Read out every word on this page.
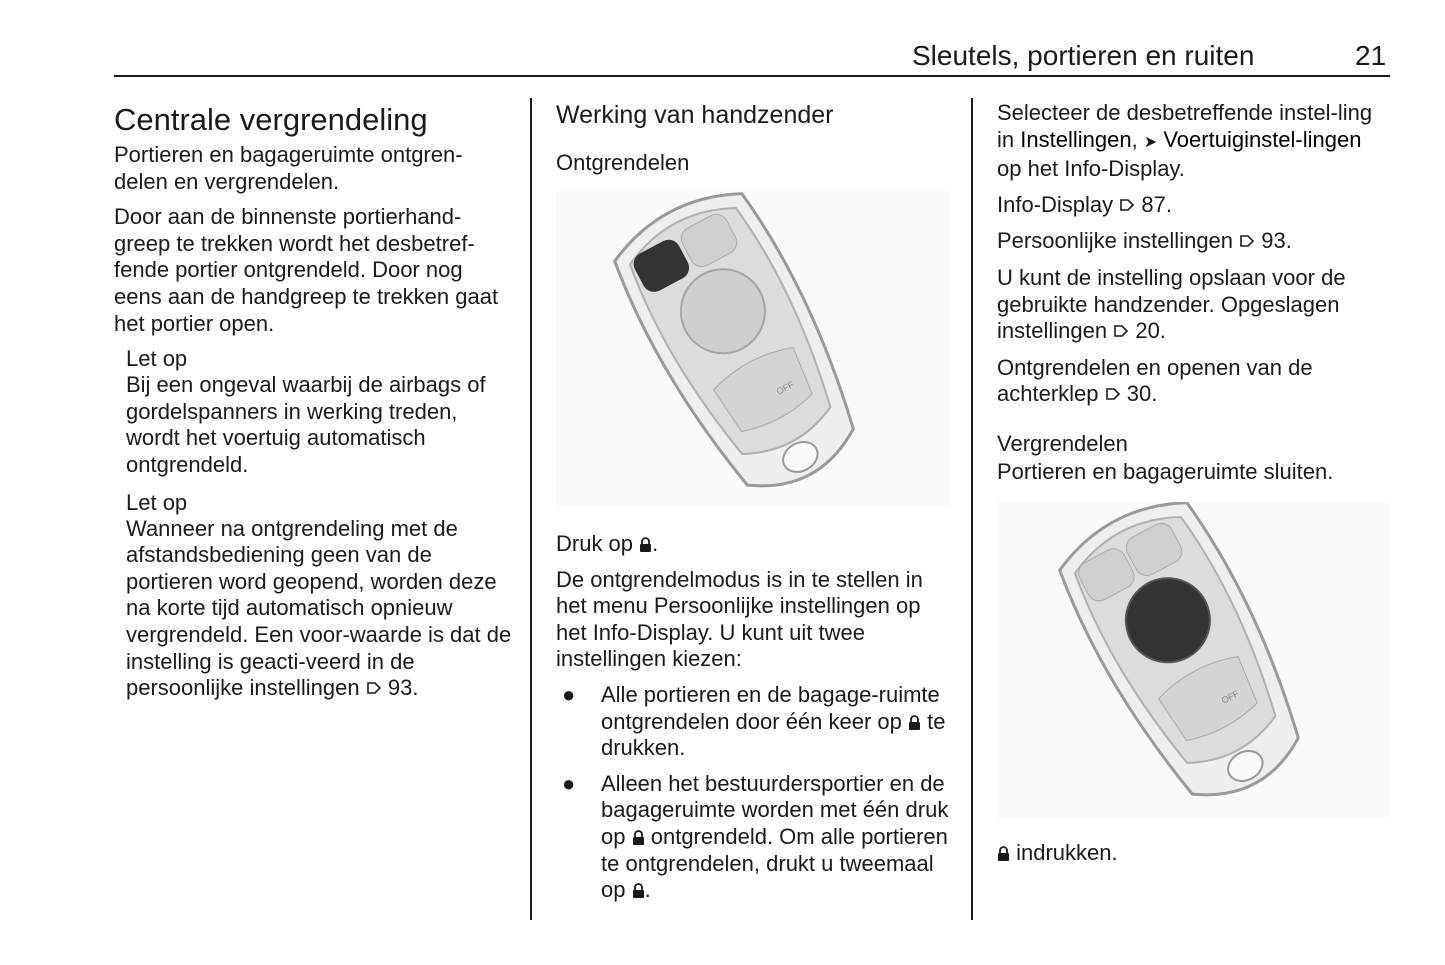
Sleutels, portieren en ruiten	21
Centrale vergrendeling

Portieren en bagageruimte ontgren-delen en vergrendelen.

Door aan de binnenste portierhand-greep te trekken wordt het desbetref-fende portier ontgrendeld. Door nog eens aan de handgreep te trekken gaat het portier open.

Let op
Bij een ongeval waarbij de airbags of gordelspanners in werking treden, wordt het voertuig automatisch ontgrendeld.
Let op
Wanneer na ontgrendeling met de afstandsbediening geen van de portieren word geopend, worden deze na korte tijd automatisch opnieuw vergrendeld. Een voor-waarde is dat de instelling is geacti-veerd in de persoonlijke instellingen 93.
Werking van handzender
Ontgrendelen
OFF

Druk op .

De ontgrendelmodus is in te stellen in het menu Persoonlijke instellingen op het Info-Display. U kunt uit twee instellingen kiezen:

● Alle portieren en de bagage-ruimte ontgrendelen door één keer op te drukken.
● Alleen het bestuurdersportier en de bagageruimte worden met één druk op ontgrendeld. Om alle portieren te ontgrendelen, drukt u tweemaal op .

Selecteer de desbetreffende instel-ling in Instellingen, ➤ Voertuiginstel-lingen op het Info-Display.

Info-Display 87.

Persoonlijke instellingen 93.

U kunt de instelling opslaan voor de gebruikte handzender. Opgeslagen instellingen 20.

Ontgrendelen en openen van de achterklep 30.

Vergrendelen

Portieren en bagageruimte sluiten.

OFF

indrukken.
